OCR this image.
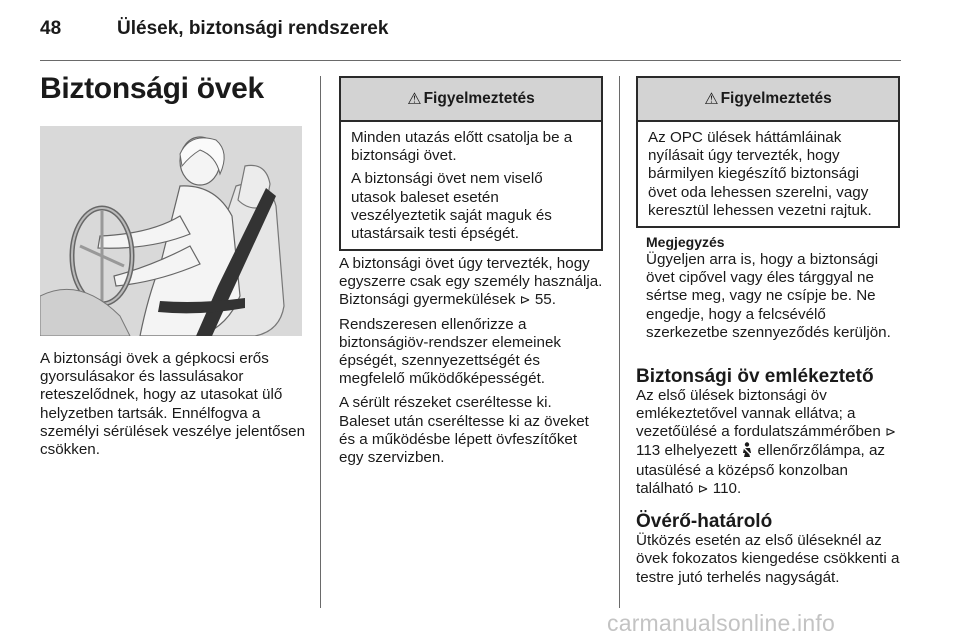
48	Ülések, biztonsági rendszerek
Biztonsági övek

A biztonsági övek a gépkocsi erős gyorsulásakor és lassulásakor reteszelődnek, hogy az utasokat ülő helyzetben tartsák. Ennélfogva a személyi sérülések veszélye jelentősen csökken.

⚠ Figyelmeztetés

Minden utazás előtt csatolja be a biztonsági övet.

A biztonsági övet nem viselő utasok baleset esetén veszélyeztetik saját maguk és utastársaik testi épségét.

A biztonsági övet úgy tervezték, hogy egyszerre csak egy személy használja. Biztonsági gyermekülések ⊳ 55.

Rendszeresen ellenőrizze a biztonságiöv-rendszer elemeinek épségét, szennyezettségét és megfelelő működőképességét.

A sérült részeket cseréltesse ki. Baleset után cseréltesse ki az öveket és a működésbe lépett övfeszítőket egy szervizben.

⚠ Figyelmeztetés

Az OPC ülések háttámláinak nyílásait úgy tervezték, hogy bármilyen kiegészítő biztonsági övet oda lehessen szerelni, vagy keresztül lehessen vezetni rajtuk.

Megjegyzés

Ügyeljen arra is, hogy a biztonsági övet cipővel vagy éles tárggyal ne sértse meg, vagy ne csípje be. Ne engedje, hogy a felcsévélő szerkezetbe szennyeződés kerüljön.

Biztonsági öv emlékeztető

Az első ülések biztonsági öv emlékeztetővel vannak ellátva; a vezetőülésé a fordulatszámmérőben ⊳ 113 elhelyezett ellenőrzőlámpa, az utasülésé a középső konzolban található ⊳ 110.

Övérő-határoló

Ütközés esetén az első üléseknél az övek fokozatos kiengedése csökkenti a testre jutó terhelés nagyságát.

carmanualsonline.info
